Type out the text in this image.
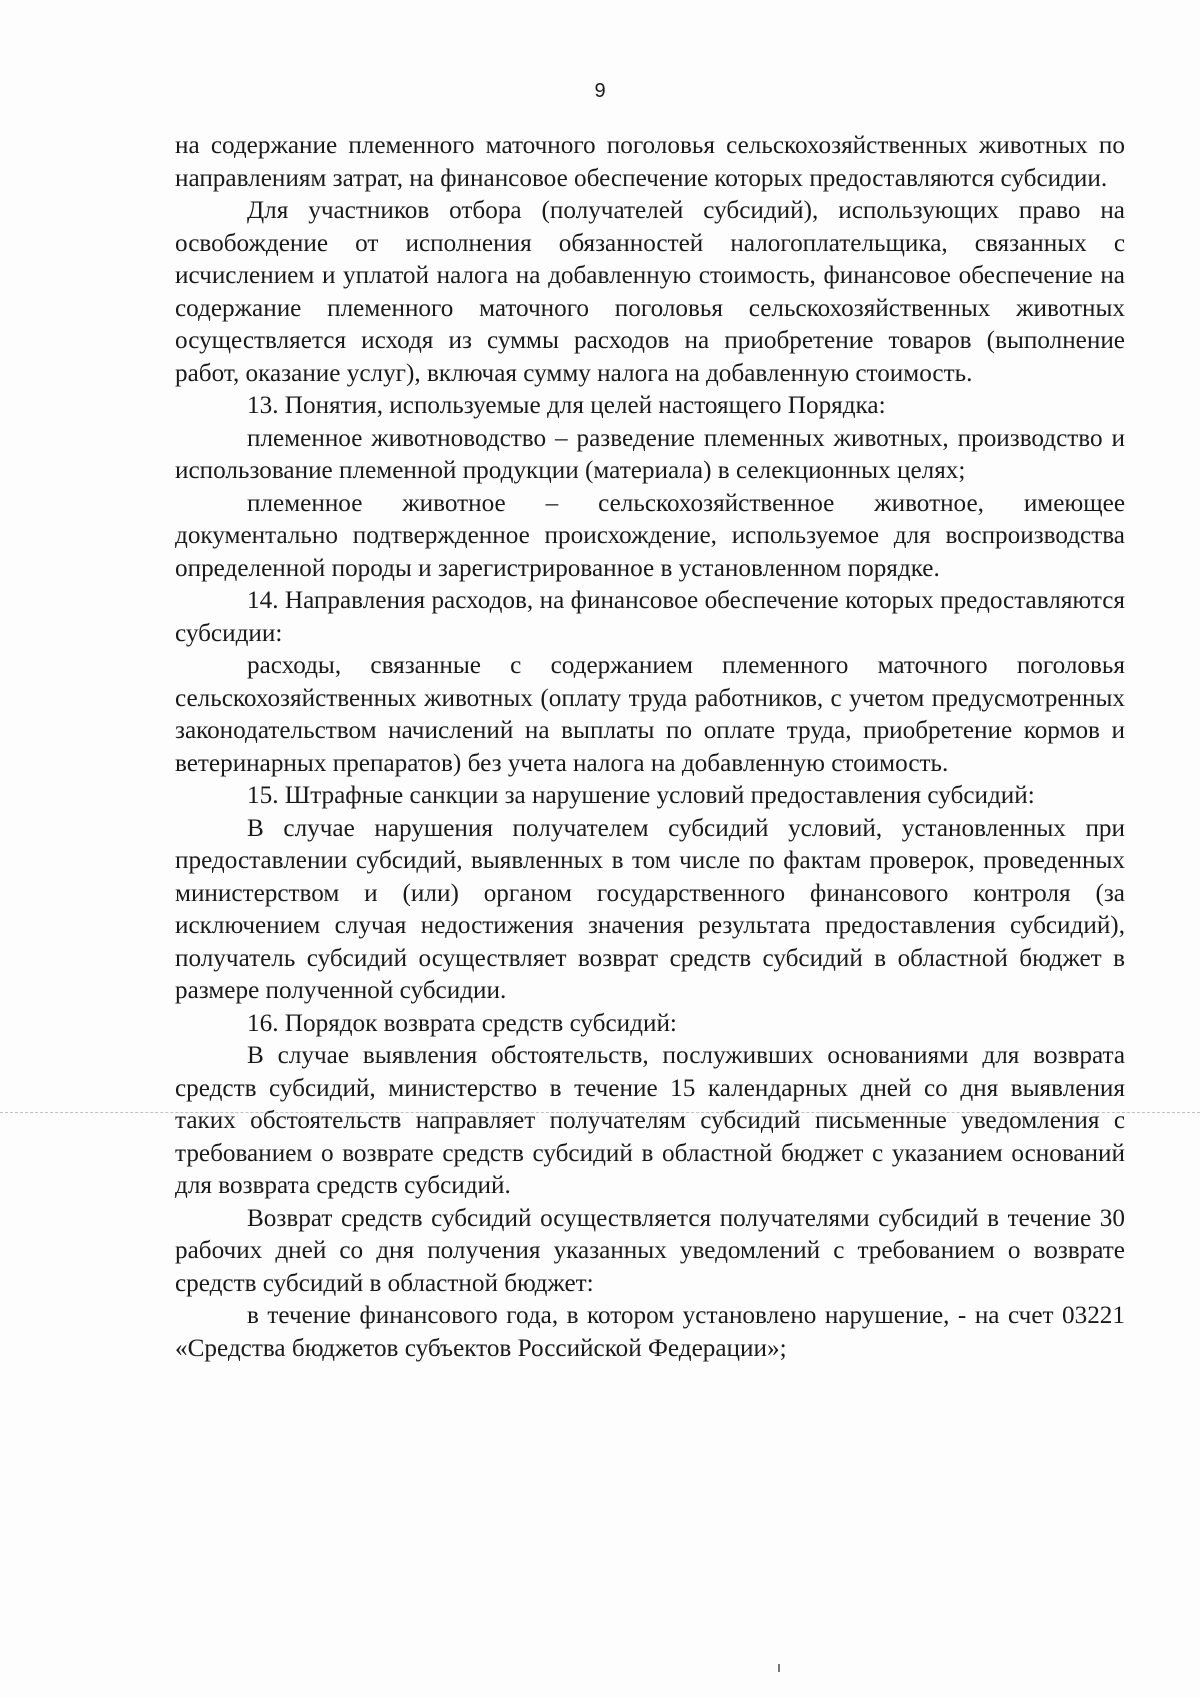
9

на содержание племенного маточного поголовья сельскохозяйственных животных по направлениям затрат, на финансовое обеспечение которых предоставляются субсидии.

Для участников отбора (получателей субсидий), использующих право на освобождение от исполнения обязанностей налогоплательщика, связанных с исчислением и уплатой налога на добавленную стоимость, финансовое обеспечение на содержание племенного маточного поголовья сельскохозяйственных животных осуществляется исходя из суммы расходов на приобретение товаров (выполнение работ, оказание услуг), включая сумму налога на добавленную стоимость.

13. Понятия, используемые для целей настоящего Порядка:

племенное животноводство – разведение племенных животных, производство и использование племенной продукции (материала) в селекционных целях;

племенное животное – сельскохозяйственное животное, имеющее документально подтвержденное происхождение, используемое для воспроизводства определенной породы и зарегистрированное в установленном порядке.

14. Направления расходов, на финансовое обеспечение которых предоставляются субсидии:

расходы, связанные с содержанием племенного маточного поголовья сельскохозяйственных животных (оплату труда работников, с учетом предусмотренных законодательством начислений на выплаты по оплате труда, приобретение кормов и ветеринарных препаратов) без учета налога на добавленную стоимость.

15. Штрафные санкции за нарушение условий предоставления субсидий:

В случае нарушения получателем субсидий условий, установленных при предоставлении субсидий, выявленных в том числе по фактам проверок, проведенных министерством и (или) органом государственного финансового контроля (за исключением случая недостижения значения результата предоставления субсидий), получатель субсидий осуществляет возврат средств субсидий в областной бюджет в размере полученной субсидии.

16. Порядок возврата средств субсидий:

В случае выявления обстоятельств, послуживших основаниями для возврата средств субсидий, министерство в течение 15 календарных дней со дня выявления таких обстоятельств направляет получателям субсидий письменные уведомления с требованием о возврате средств субсидий в областной бюджет с указанием оснований для возврата средств субсидий.

Возврат средств субсидий осуществляется получателями субсидий в течение 30 рабочих дней со дня получения указанных уведомлений с требованием о возврате средств субсидий в областной бюджет:

в течение финансового года, в котором установлено нарушение, - на счет 03221 «Средства бюджетов субъектов Российской Федерации»;
